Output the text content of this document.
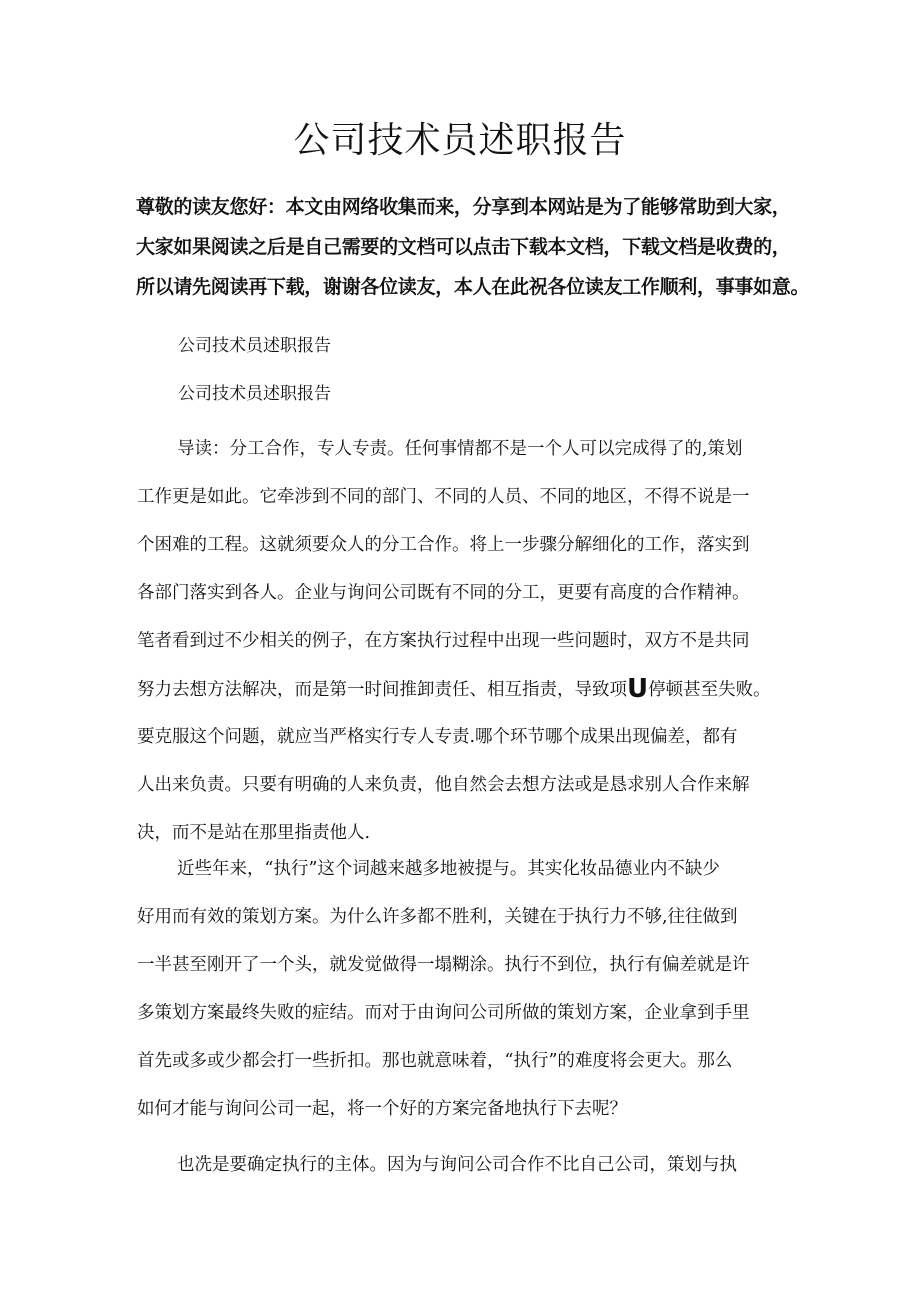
公司技术员述职报告
尊敬的读友您好：本文由网络收集而来，分享到本网站是为了能够常助到大家，
大家如果阅读之后是自己需要的文档可以点击下载本文档，下载文档是收费的，
所以请先阅读再下载，谢谢各位读友，本人在此祝各位读友工作顺利，事事如意。
公司技术员述职报告
公司技术员述职报告
导读：分工合作，专人专责。任何事情都不是一个人可以完成得了的,策划
工作更是如此。它牵涉到不同的部门、不同的人员、不同的地区，不得不说是一
个困难的工程。这就须要众人的分工合作。将上一步骤分解细化的工作，落实到
各部门落实到各人。企业与询问公司既有不同的分工，更要有高度的合作精神。
笔者看到过不少相关的例子，在方案执行过程中出现一些问题时，双方不是共同
努力去想方法解决，而是第一时间推卸责任、相互指责，导致项U停顿甚至失败。
要克服这个问题，就应当严格实行专人专责.哪个环节哪个成果出现偏差，都有
人出来负责。只要有明确的人来负责，他自然会去想方法或是恳求别人合作来解
决，而不是站在那里指责他人.
近些年来，“执行”这个词越来越多地被提与。其实化妆品德业内不缺少
好用而有效的策划方案。为什么许多都不胜利，关键在于执行力不够,往往做到
一半甚至刚开了一个头，就发觉做得一塌糊涂。执行不到位，执行有偏差就是许
多策划方案最终失败的症结。而对于由询问公司所做的策划方案，企业拿到手里
首先或多或少都会打一些折扣。那也就意味着，“执行”的难度将会更大。那么
如何才能与询问公司一起，将一个好的方案完备地执行下去呢？
也冼是要确定执行的主体。因为与询问公司合作不比自己公司，策划与执
